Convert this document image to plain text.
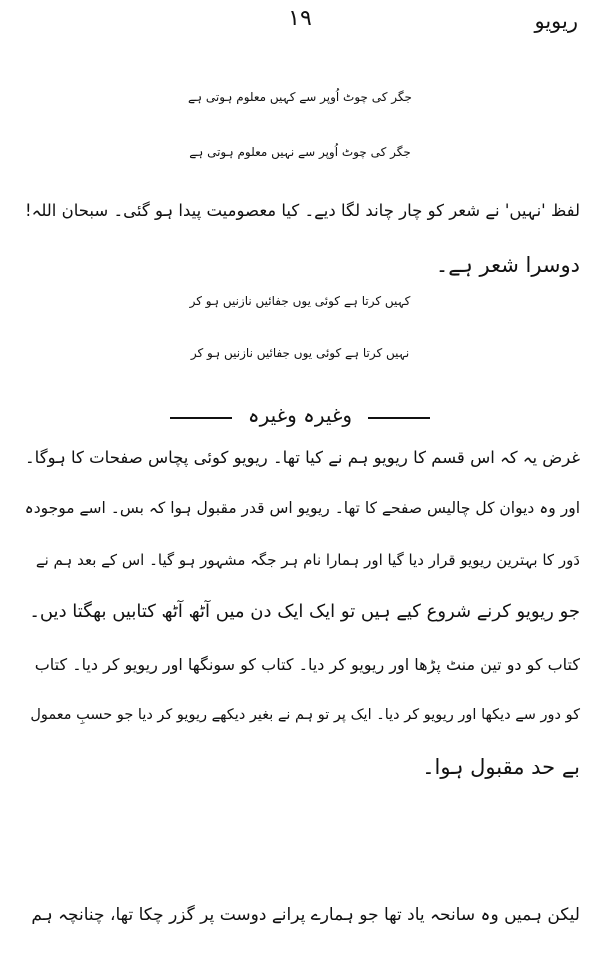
ریویو
۱۹
جگر کی چوٹ اُوپر سے کہیں معلوم ہوتی ہے
جگر کی چوٹ اُوپر سے نہیں معلوم ہوتی ہے
لفظ 'نہیں' نے شعر کو چار چاند لگا دیے۔ کیا معصومیت پیدا ہو گئی۔ سبحان اللہ!
دوسرا شعر ہے۔
کہیں کرتا ہے کوئی یوں جفائیں نازنیں ہو کر
نہیں کرتا ہے کوئی یوں جفائیں نازنیں ہو کر
وغیرہ وغیرہ
غرض یہ کہ اس قسم کا ریویو ہم نے کیا تھا۔ ریویو کوئی پچاس صفحات کا ہوگا۔
اور وہ دیوان کل چالیس صفحے کا تھا۔ ریویو اس قدر مقبول ہوا کہ بس۔ اسے موجودہ
دَور کا بہترین ریویو قرار دیا گیا اور ہمارا نام ہر جگہ مشہور ہو گیا۔ اس کے بعد ہم نے
جو ریویو کرنے شروع کیے ہیں تو ایک ایک دن میں آٹھ آٹھ کتابیں بھگتا دیں۔
کتاب کو دو تین منٹ پڑھا اور ریویو کر دیا۔ کتاب کو سونگھا اور ریویو کر دیا۔ کتاب
کو دور سے دیکھا اور ریویو کر دیا۔ ایک پر تو ہم نے بغیر دیکھے ریویو کر دیا جو حسبِ معمول
بے حد مقبول ہوا۔
لیکن ہمیں وہ سانحہ یاد تھا جو ہمارے پرانے دوست پر گزر چکا تھا، چنانچہ ہم
